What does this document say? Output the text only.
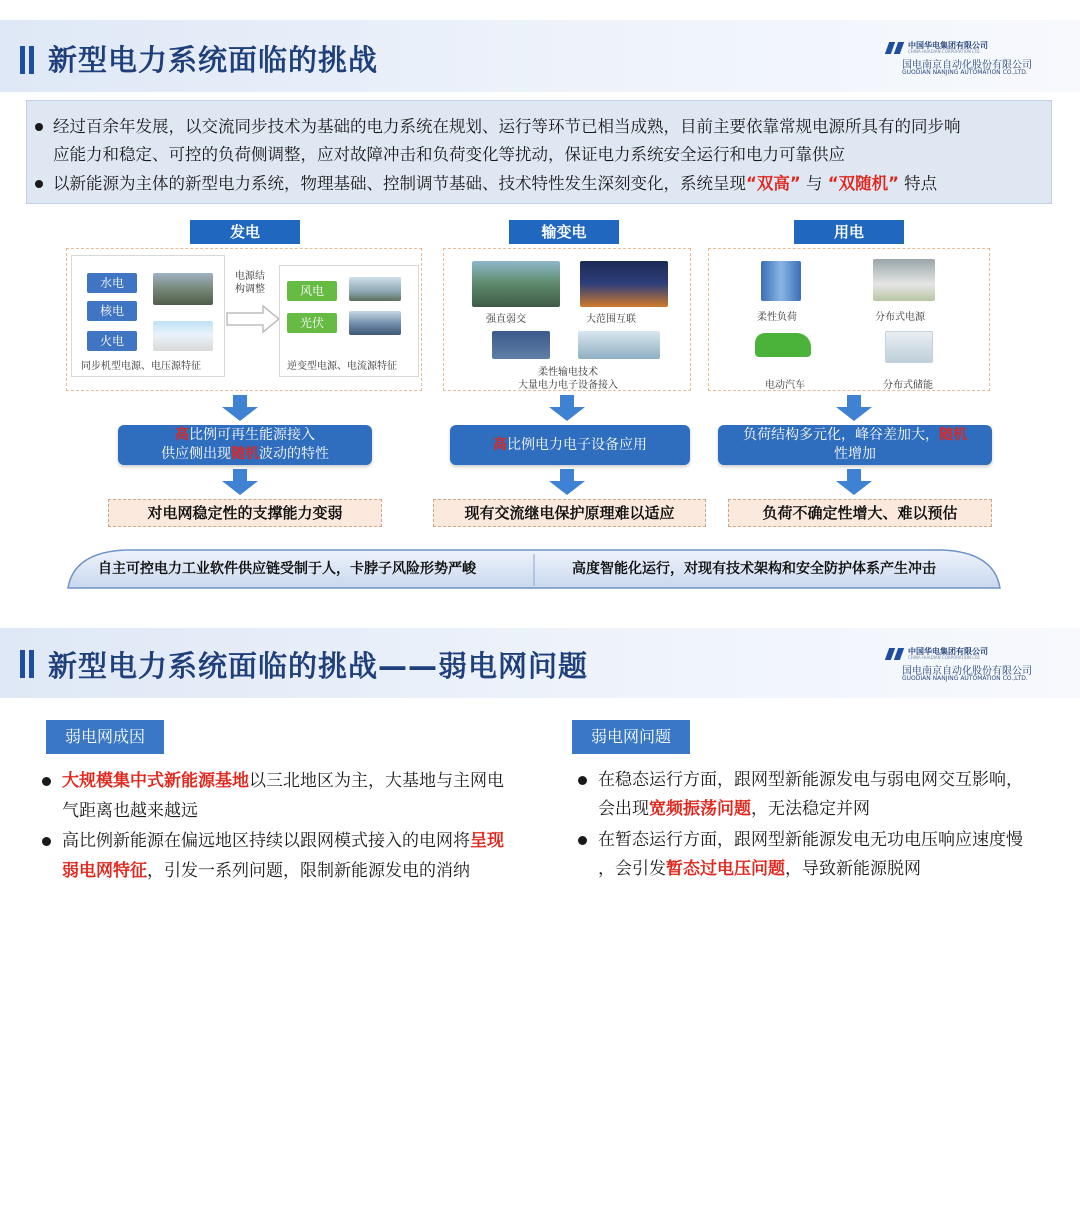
新型电力系统面临的挑战	中国华电集团有限公司
CHINA HUADIAN CORPORATION LTD.
国电南京自动化股份有限公司
GUODIAN NANJING AUTOMATION CO.,LTD.
经过百余年发展，以交流同步技术为基础的电力系统在规划、运行等环节已相当成熟，目前主要依靠常规电源所具有的同步响
应能力和稳定、可控的负荷侧调整，应对故障冲击和负荷变化等扰动，保证电力系统安全运行和电力可靠供应
以新能源为主体的新型电力系统，物理基础、控制调节基础、技术特性发生深刻变化，系统呈现“双高” 与 “双随机” 特点
发电	输变电	用电
水电
核电
火电
同步机型电源、电压源特征
电源结
构调整	风电
光伏
逆变型电源、电流源特征
强直弱交	大范围互联
柔性输电技术
大量电力电子设备接入
柔性负荷	分布式电源
电动汽车	分布式储能
高比例可再生能源接入
供应侧出现随机波动的特性
高比例电力电子设备应用
负荷结构多元化，峰谷差加大，随机
性增加
对电网稳定性的支撑能力变弱	现有交流继电保护原理难以适应	负荷不确定性增大、难以预估
自主可控电力工业软件供应链受制于人，卡脖子风险形势严峻	高度智能化运行，对现有技术架构和安全防护体系产生冲击
新型电力系统面临的挑战——弱电网问题	中国华电集团有限公司
CHINA HUADIAN CORPORATION LTD.
国电南京自动化股份有限公司
GUODIAN NANJING AUTOMATION CO.,LTD.
弱电网成因	弱电网问题
大规模集中式新能源基地以三北地区为主，大基地与主网电
气距离也越来越远
高比例新能源在偏远地区持续以跟网模式接入的电网将呈现
弱电网特征，引发一系列问题，限制新能源发电的消纳
在稳态运行方面，跟网型新能源发电与弱电网交互影响，
会出现宽频振荡问题，无法稳定并网
在暂态运行方面，跟网型新能源发电无功电压响应速度慢
，会引发暂态过电压问题，导致新能源脱网
